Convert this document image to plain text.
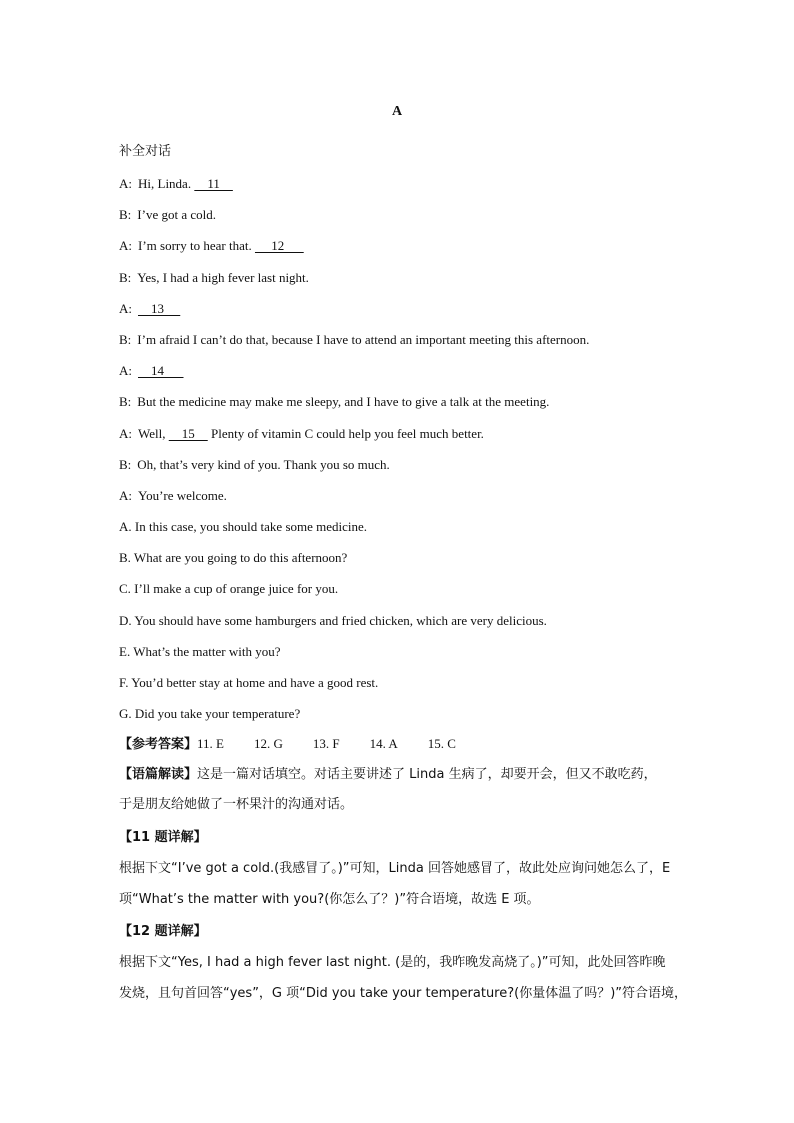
A
补全对话
A: Hi, Linda.     11
B: I’ve got a cold.
A: I’m sorry to hear that.      12
B: Yes, I had a high fever last night.
A:    13
B: I’m afraid I can’t do that, because I have to attend an important meeting this afternoon.
A:    14
B: But the medicine may make me sleepy, and I have to give a talk at the meeting.
A: Well,     15     Plenty of vitamin C could help you feel much better.
B: Oh, that’s very kind of you. Thank you so much.
A: You’re welcome.
A. In this case, you should take some medicine.
B. What are you going to do this afternoon?
C. I’ll make a cup of orange juice for you.
D. You should have some hamburgers and fried chicken, which are very delicious.
E. What’s the matter with you?
F. You’d better stay at home and have a good rest.
G. Did you take your temperature?
【参考答案】11. E 12. G 13. F 14. A 15. C
【语篇解读】这是一篇对话填空。对话主要讲述了 Linda 生病了，却要开会，但又不敢吃药，
于是朋友给她做了一杯果汁的沟通对话。
【11 题详解】
根据下文“I’ve got a cold.(我感冒了。)”可知，Linda 回答她感冒了，故此处应询问她怎么了，E
项“What’s the matter with you?(你怎么了？)”符合语境，故选 E 项。
【12 题详解】
根据下文“Yes, I had a high fever last night. (是的，我昨晚发高烧了。)”可知，此处回答昨晚
发烧，且句首回答“yes”，G 项“Did you take your temperature?(你量体温了吗？)”符合语境，
